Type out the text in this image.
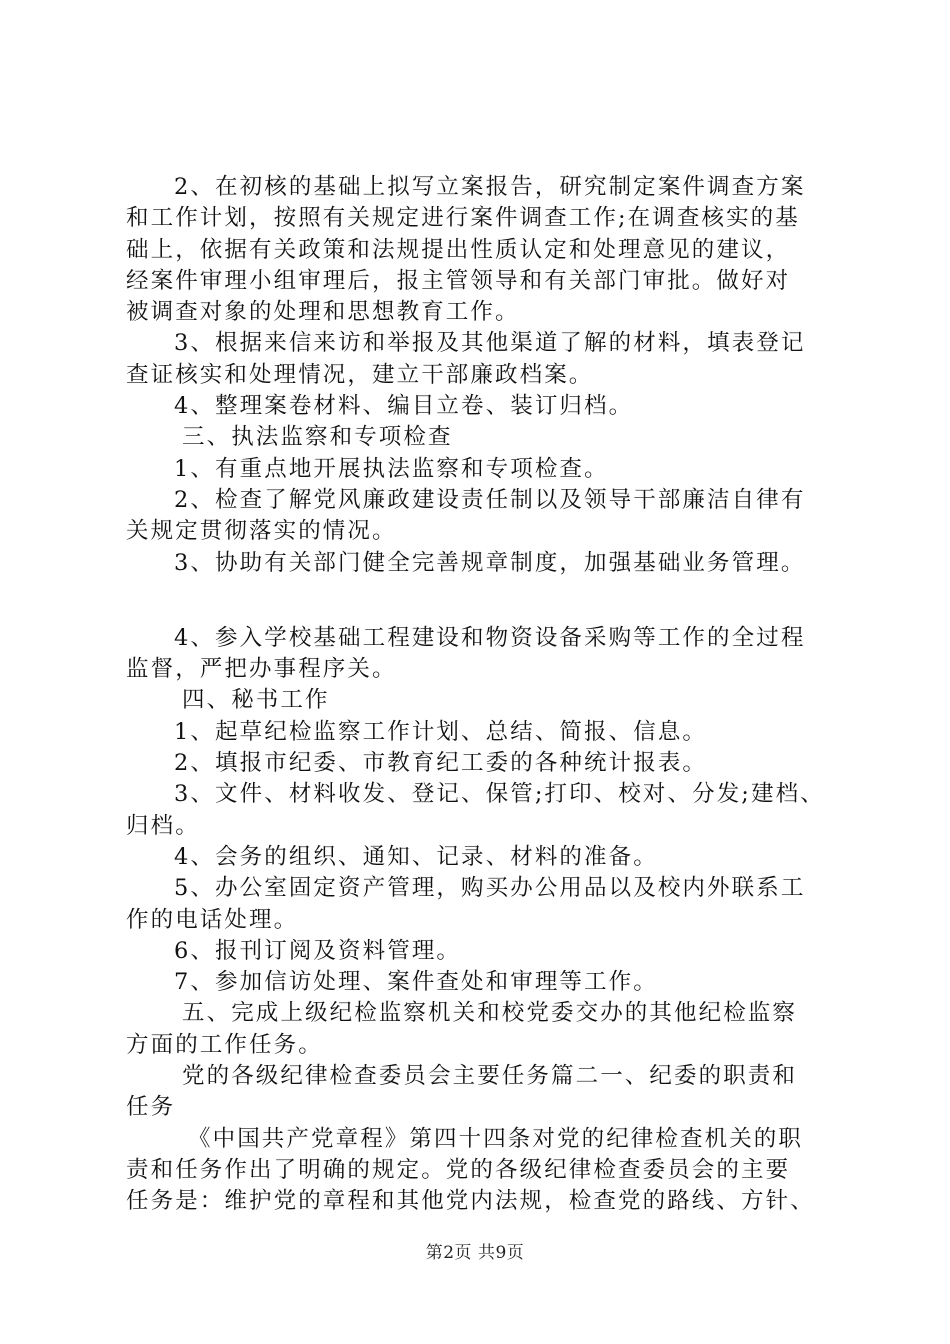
2、在初核的基础上拟写立案报告，研究制定案件调查方案

和工作计划，按照有关规定进行案件调查工作;在调查核实的基

础上，依据有关政策和法规提出性质认定和处理意见的建议，

经案件审理小组审理后，报主管领导和有关部门审批。做好对

被调查对象的处理和思想教育工作。

3、根据来信来访和举报及其他渠道了解的材料，填表登记

查证核实和处理情况，建立干部廉政档案。

4、整理案卷材料、编目立卷、装订归档。

三、执法监察和专项检查

1、有重点地开展执法监察和专项检查。

2、检查了解党风廉政建设责任制以及领导干部廉洁自律有

关规定贯彻落实的情况。

3、协助有关部门健全完善规章制度，加强基础业务管理。

4、参入学校基础工程建设和物资设备采购等工作的全过程

监督，严把办事程序关。

四、秘书工作

1、起草纪检监察工作计划、总结、简报、信息。

2、填报市纪委、市教育纪工委的各种统计报表。

3、文件、材料收发、登记、保管;打印、校对、分发;建档、

归档。

4、会务的组织、通知、记录、材料的准备。

5、办公室固定资产管理，购买办公用品以及校内外联系工

作的电话处理。

6、报刊订阅及资料管理。

7、参加信访处理、案件查处和审理等工作。

五、完成上级纪检监察机关和校党委交办的其他纪检监察

方面的工作任务。

党的各级纪律检查委员会主要任务篇二一、纪委的职责和

任务

《中国共产党章程》第四十四条对党的纪律检查机关的职

责和任务作出了明确的规定。党的各级纪律检查委员会的主要

任务是：维护党的章程和其他党内法规，检查党的路线、方针、

第2页 共9页
